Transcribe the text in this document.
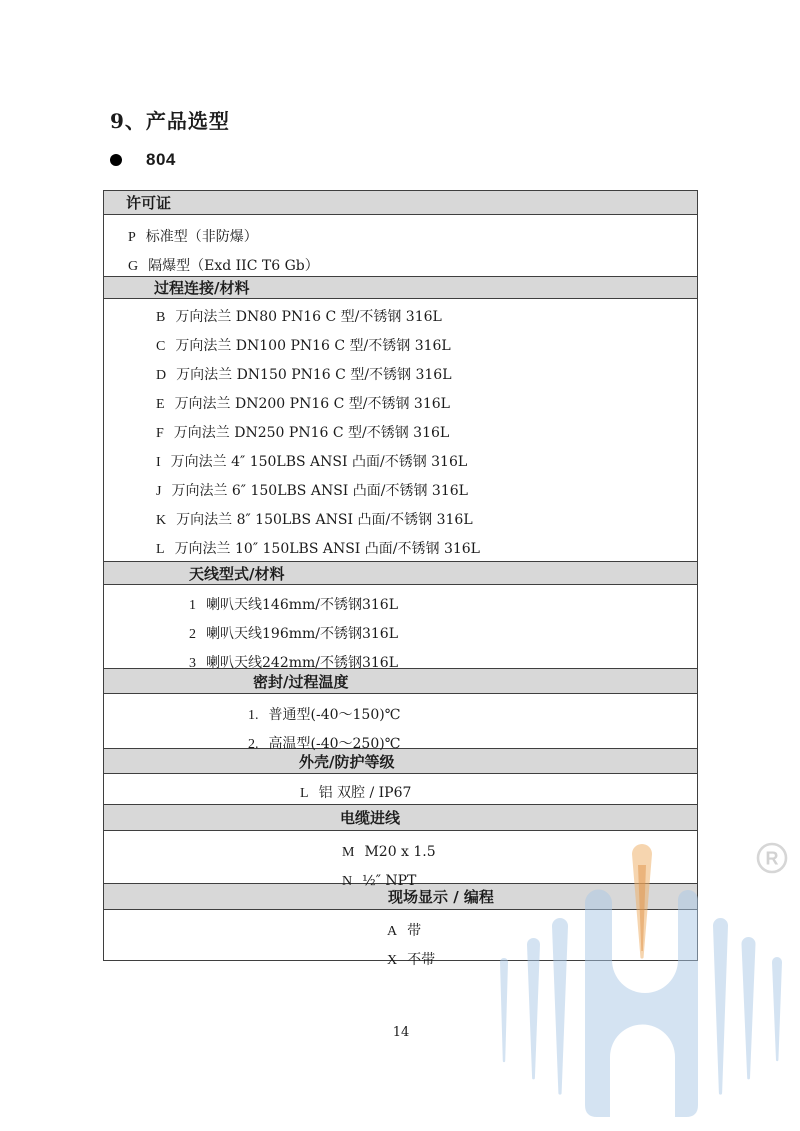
9、产品选型
804
许可证
P 标准型（非防爆）
G 隔爆型（Exd IIC T6 Gb）
过程连接/材料
B 万向法兰 DN80 PN16 C 型/不锈钢 316L
C 万向法兰 DN100 PN16 C 型/不锈钢 316L
D 万向法兰 DN150 PN16 C 型/不锈钢 316L
E 万向法兰 DN200 PN16 C 型/不锈钢 316L
F 万向法兰 DN250 PN16 C 型/不锈钢 316L
I 万向法兰 4″ 150LBS ANSI 凸面/不锈钢 316L
J 万向法兰 6″ 150LBS ANSI 凸面/不锈钢 316L
K 万向法兰 8″ 150LBS ANSI 凸面/不锈钢 316L
L 万向法兰 10″ 150LBS ANSI 凸面/不锈钢 316L
天线型式/材料
1 喇叭天线146mm/不锈钢316L
2 喇叭天线196mm/不锈钢316L
3 喇叭天线242mm/不锈钢316L
密封/过程温度
1. 普通型(-40～150)℃
2. 高温型(-40～250)℃
外壳/防护等级
L 铝 双腔 / IP67
电缆进线
M M20 x 1.5
N ½″ NPT
现场显示 / 编程
A 带
X 不带
R
14
